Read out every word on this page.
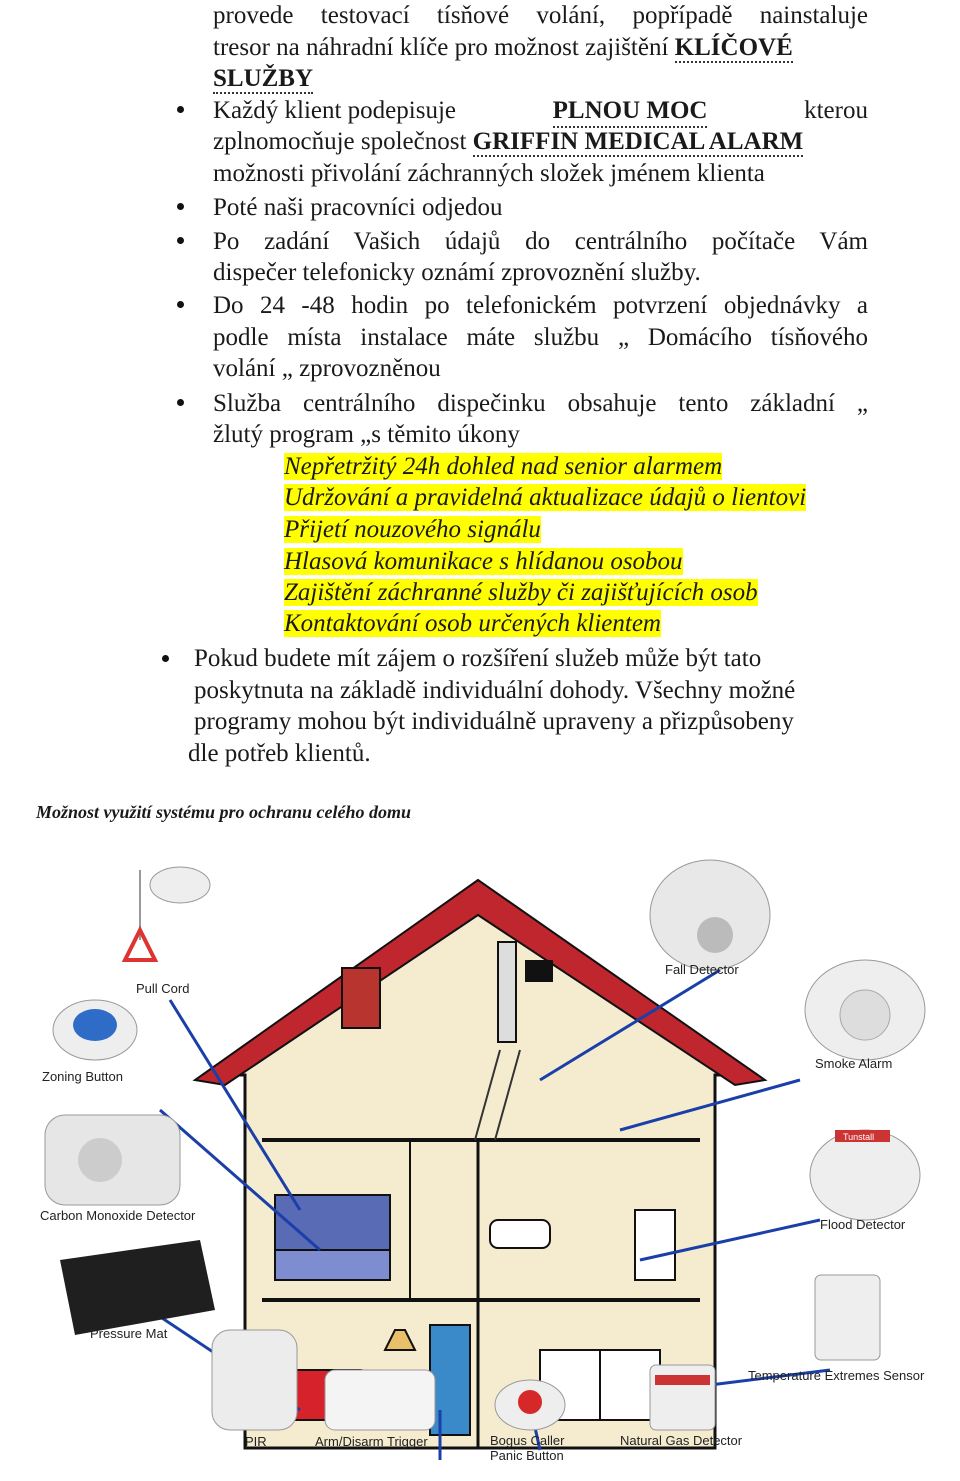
provede testovací tísňové volání, popřípadě nainstaluje
tresor na náhradní klíče pro možnost zajištění KLÍČOVÉ
SLUŽBY
Každý klient podepisuje	PLNOU MOC	kterou
zplnomocňuje společnost GRIFFIN MEDICAL ALARM
možnosti přivolání záchranných složek jménem klienta
Poté naši pracovníci odjedou
Po zadání Vašich údajů do centrálního počítače Vám
dispečer telefonicky oznámí zprovoznění služby.
Do 24 -48 hodin po telefonickém potvrzení objednávky a
podle místa instalace máte službu „ Domácího tísňového
volání „ zprovozněnou
Služba centrálního dispečinku obsahuje tento základní „
žlutý program „s těmito úkony
Nepřetržitý 24h dohled nad senior alarmem
Udržování a pravidelná aktualizace údajů o lientovi
Přijetí nouzového signálu
Hlasová komunikace s hlídanou osobou
Zajištění záchranné služby či zajišťujících osob
Kontaktování osob určených klientem
Pokud budete mít zájem o rozšíření služeb může být tato
poskytnuta na základě individuální dohody. Všechny možné
programy mohou být individuálně upraveny a přizpůsobeny
dle potřeb klientů.
Možnost využití systému pro ochranu celého domu
Pull Cord
Fall Detector
Zoning Button
Smoke Alarm
Carbon Monoxide Detector
Tunstall
Flood Detector
Pressure Mat
Temperature Extremes Sensor
PIR	Arm/Disarm Trigger	Bogus Caller
Panic Button
Natural Gas Detector
